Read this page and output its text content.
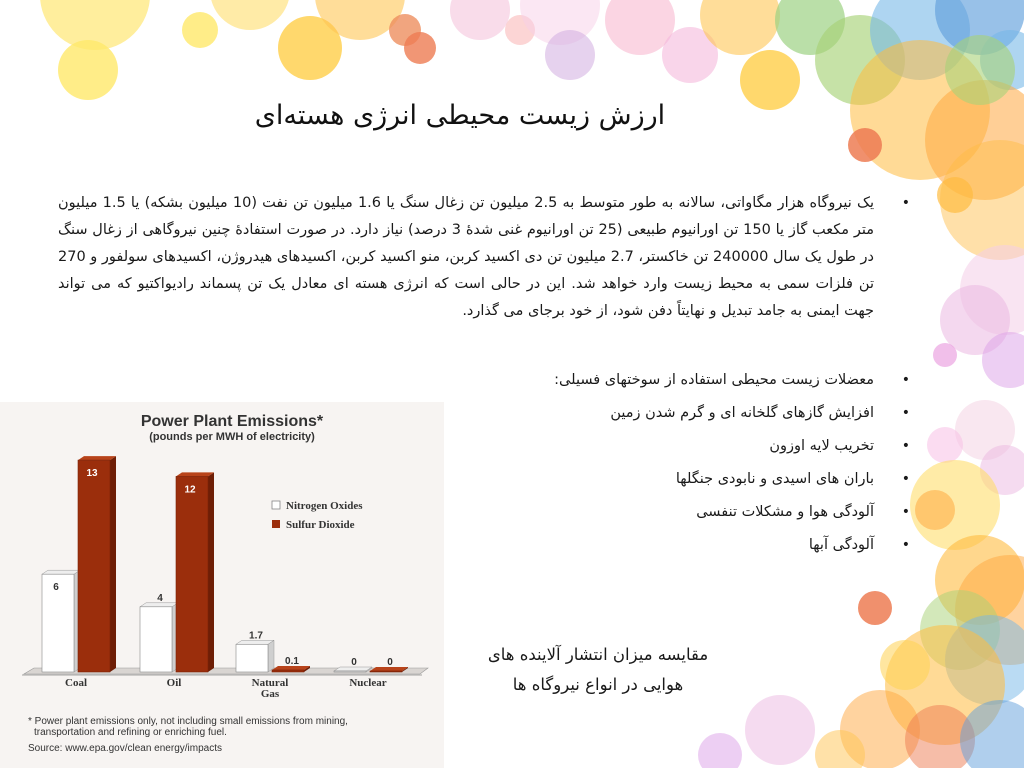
ارزش زیست محیطی انرژی هسته‌ای
•
یک نیروگاه هزار مگاواتی، سالانه به طور متوسط به 2.5 میلیون تن زغال سنگ یا 1.6 میلیون تن نفت (10 میلیون بشکه) یا 1.5 میلیون متر مکعب گاز یا 150 تن اورانیوم طبیعی (25 تن اورانیوم غنی شدهٔ 3 درصد) نیاز دارد. در صورت استفادهٔ چنین نیروگاهی از زغال سنگ در طول یک سال 240000 تن خاکستر، 2.7 میلیون تن دی اکسید کربن، منو اکسید کربن، اکسیدهای هیدروژن، اکسیدهای سولفور و 270 تن فلزات سمی به محیط زیست وارد خواهد شد. این در حالی است که انرژی هسته ای معادل یک تن پسماند رادیواکتیو که می تواند جهت ایمنی به جامد تبدیل و نهایتاً دفن شود، از خود برجای می گذارد.
•
معضلات زیست محیطی استفاده از سوختهای فسیلی:
•
افزایش گازهای گلخانه ای و گرم شدن زمین
•
تخریب لایه اوزون
•
باران های اسیدی و نابودی جنگلها
•
آلودگی هوا و مشکلات تنفسی
•
آلودگی آبها
مقایسه میزان انتشار آلاینده های
هوایی در انواع نیروگاه ها
Power Plant Emissions*
(pounds per MWH of electricity)
6
13
Coal
4
12
Oil
1.7
0.1
Natural
Gas
0	0
Nuclear
Nitrogen Oxides
Sulfur Dioxide
* Power plant emissions only, not including small emissions from mining,
transportation and refining or enriching fuel.
Source: www.epa.gov/clean energy/impacts
